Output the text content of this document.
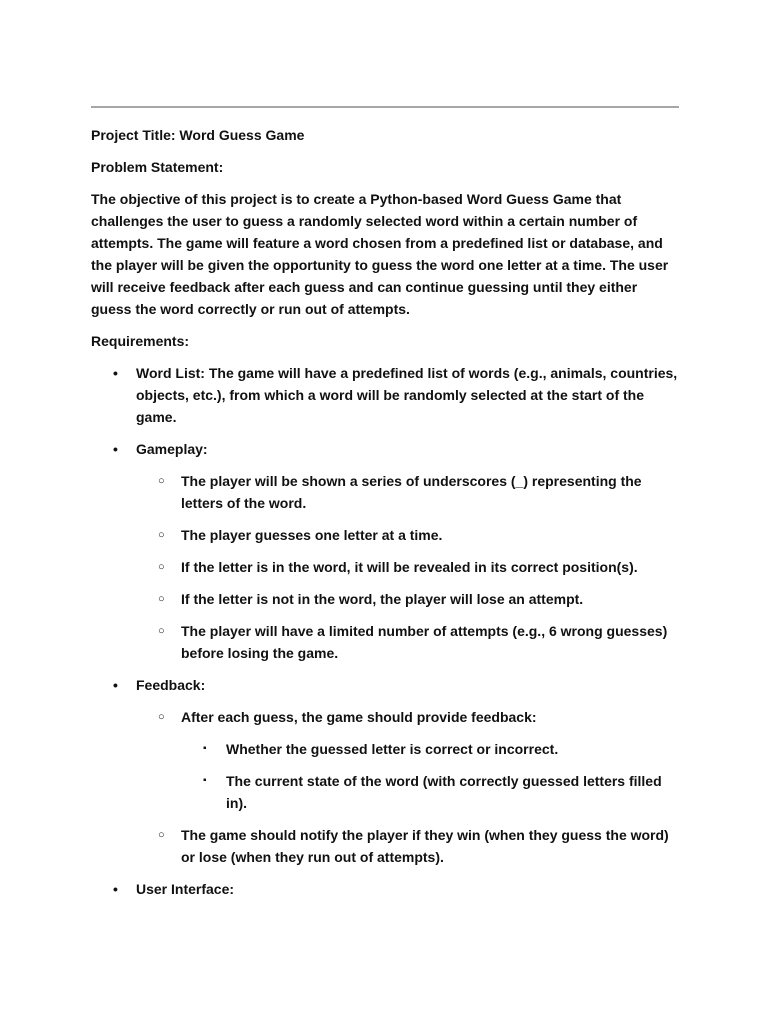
Project Title: Word Guess Game

Problem Statement:

The objective of this project is to create a Python-based Word Guess Game that challenges the user to guess a randomly selected word within a certain number of attempts. The game will feature a word chosen from a predefined list or database, and the player will be given the opportunity to guess the word one letter at a time. The user will receive feedback after each guess and can continue guessing until they either guess the word correctly or run out of attempts.

Requirements:

• Word List: The game will have a predefined list of words (e.g., animals, countries, objects, etc.), from which a word will be randomly selected at the start of the game.
• Gameplay:
○ The player will be shown a series of underscores (_) representing the letters of the word.
○ The player guesses one letter at a time.
○ If the letter is in the word, it will be revealed in its correct position(s).
○ If the letter is not in the word, the player will lose an attempt.
○ The player will have a limited number of attempts (e.g., 6 wrong guesses) before losing the game.
• Feedback:
○ After each guess, the game should provide feedback:
▪ Whether the guessed letter is correct or incorrect.
▪ The current state of the word (with correctly guessed letters filled in).
○ The game should notify the player if they win (when they guess the word) or lose (when they run out of attempts).
• User Interface:
